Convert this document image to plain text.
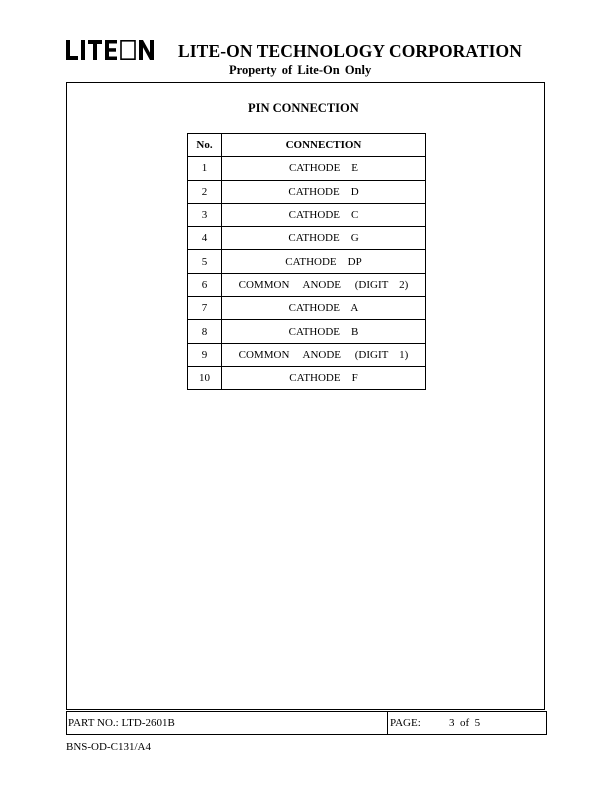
LITE-ON TECHNOLOGY CORPORATION
Property of Lite-On Only
PIN CONNECTION
No.	CONNECTION
1	CATHODE    E
2	CATHODE    D
3	CATHODE    C
4	CATHODE    G
5	CATHODE    DP
6	COMMON     ANODE     (DIGIT    2)
7	CATHODE    A
8	CATHODE    B
9	COMMON     ANODE     (DIGIT    1)
10	CATHODE    F
PART NO.: LTD-2601B	PAGE:	3  of  5
BNS-OD-C131/A4
